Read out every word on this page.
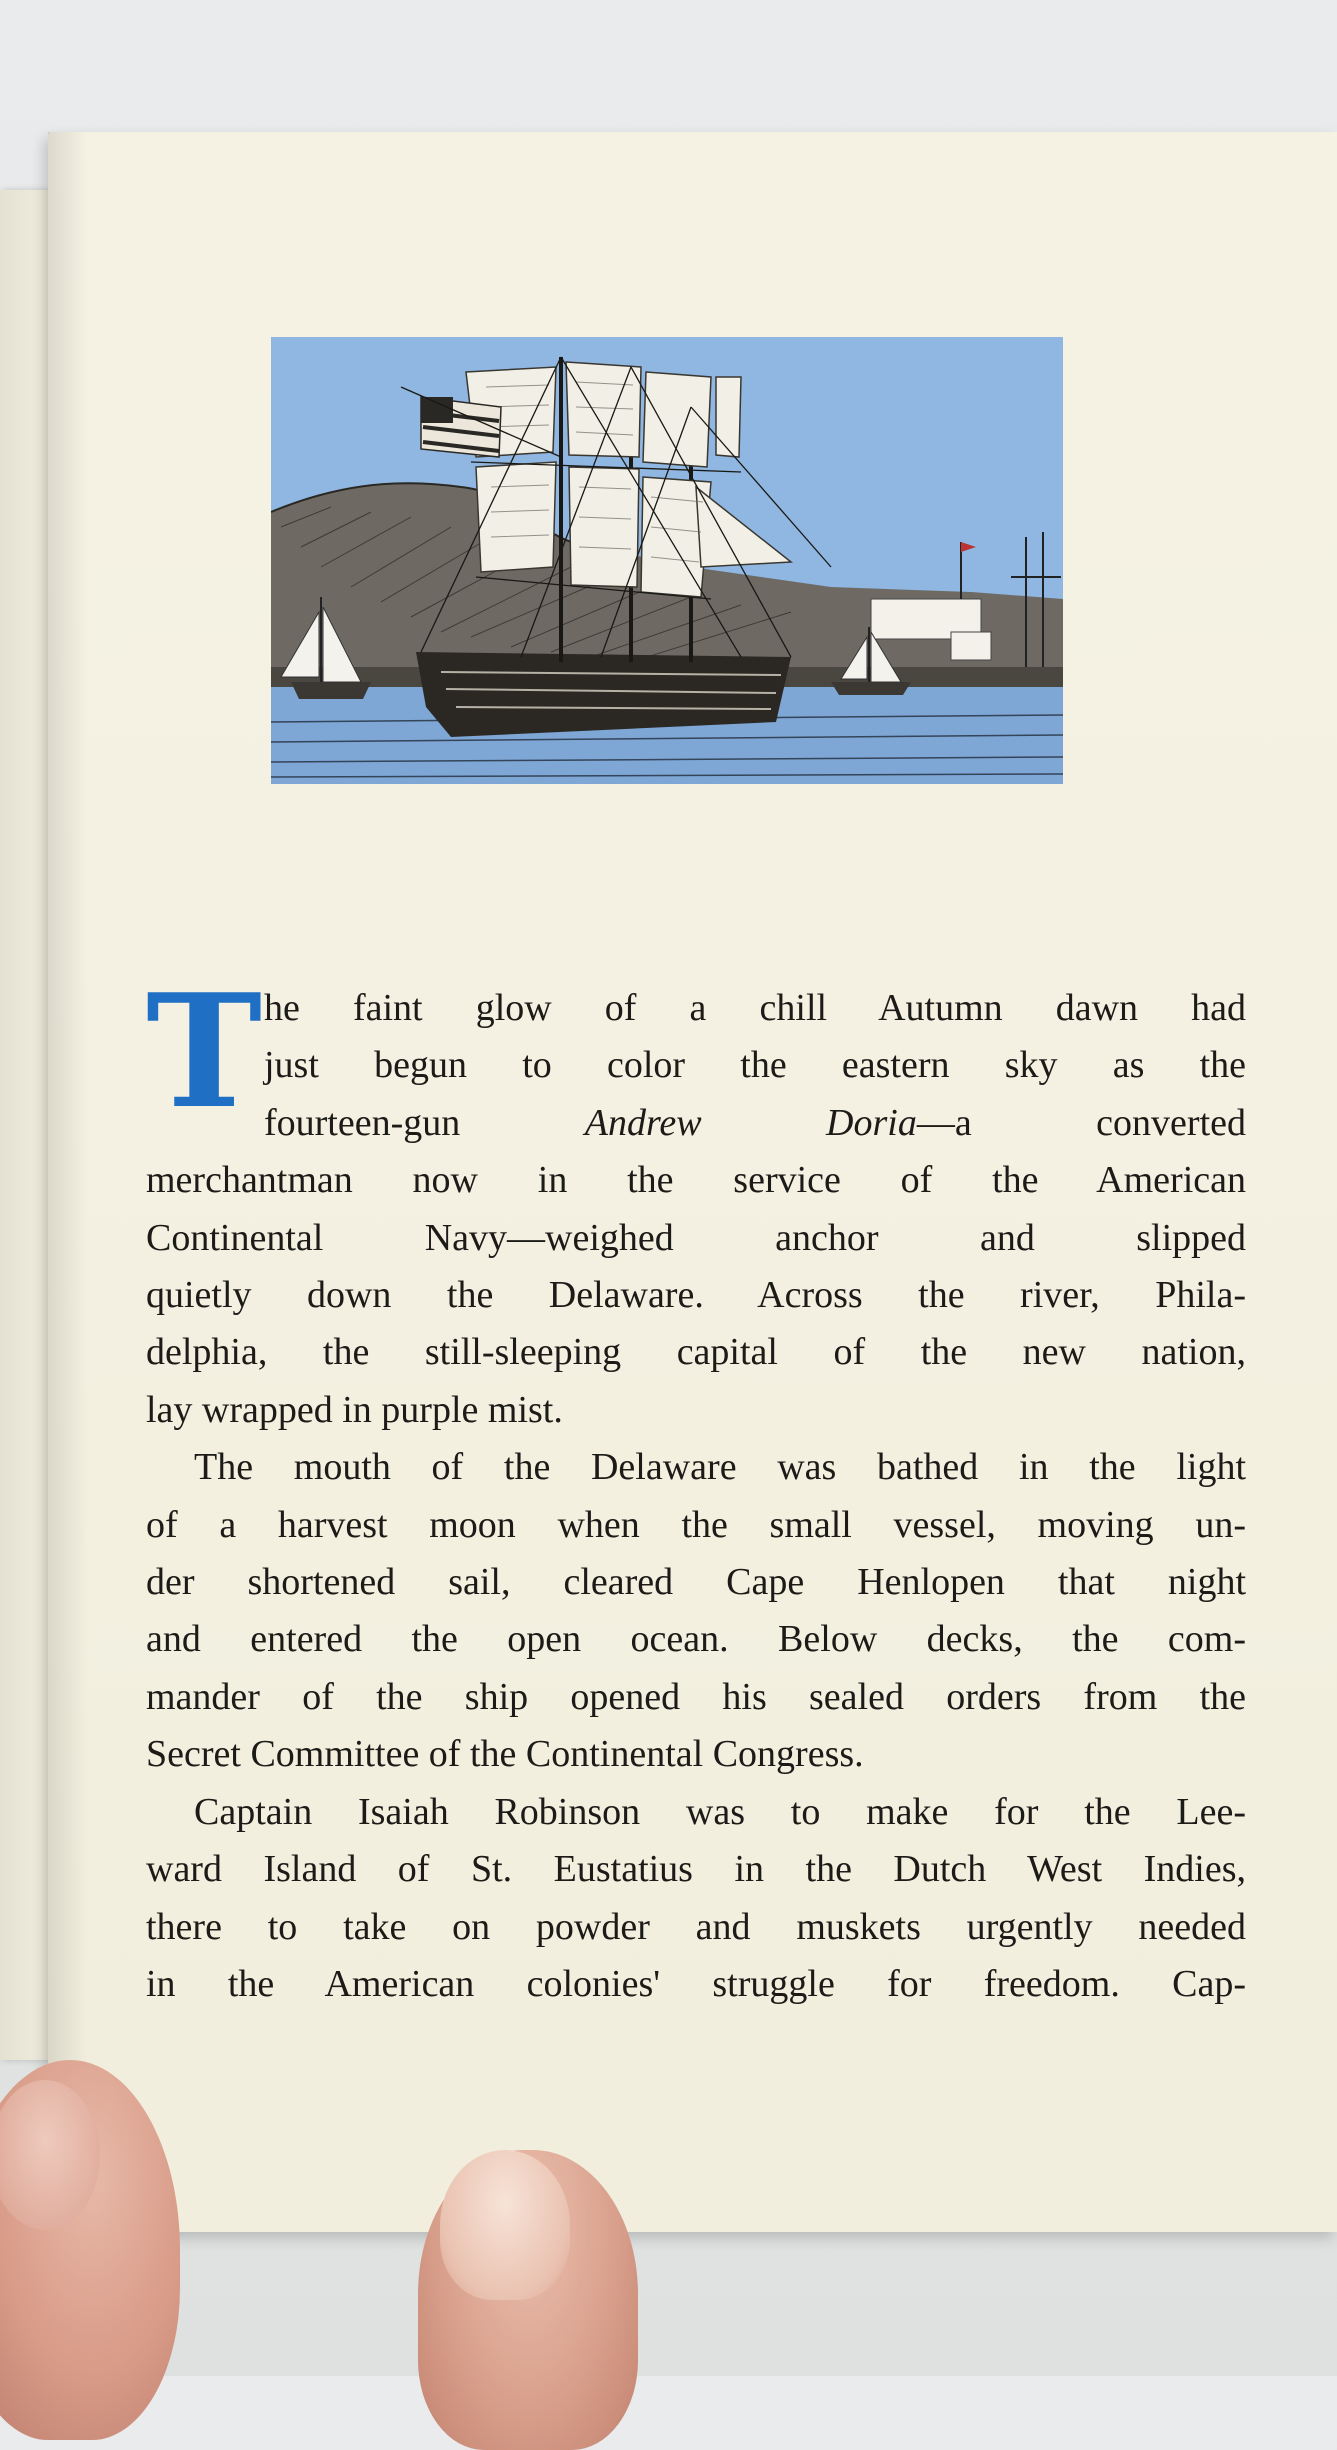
T he faint glow of a chill Autumn dawn had
just begun to color the eastern sky as the
fourteen-gun Andrew Doria—a converted
merchantman now in the service of the American
Continental Navy—weighed anchor and slipped
quietly down the Delaware. Across the river, Phila-
delphia, the still-sleeping capital of the new nation,
lay wrapped in purple mist.
The mouth of the Delaware was bathed in the light
of a harvest moon when the small vessel, moving un-
der shortened sail, cleared Cape Henlopen that night
and entered the open ocean. Below decks, the com-
mander of the ship opened his sealed orders from the
Secret Committee of the Continental Congress.
Captain Isaiah Robinson was to make for the Lee-
ward Island of St. Eustatius in the Dutch West Indies,
there to take on powder and muskets urgently needed
in the American colonies' struggle for freedom. Cap-
